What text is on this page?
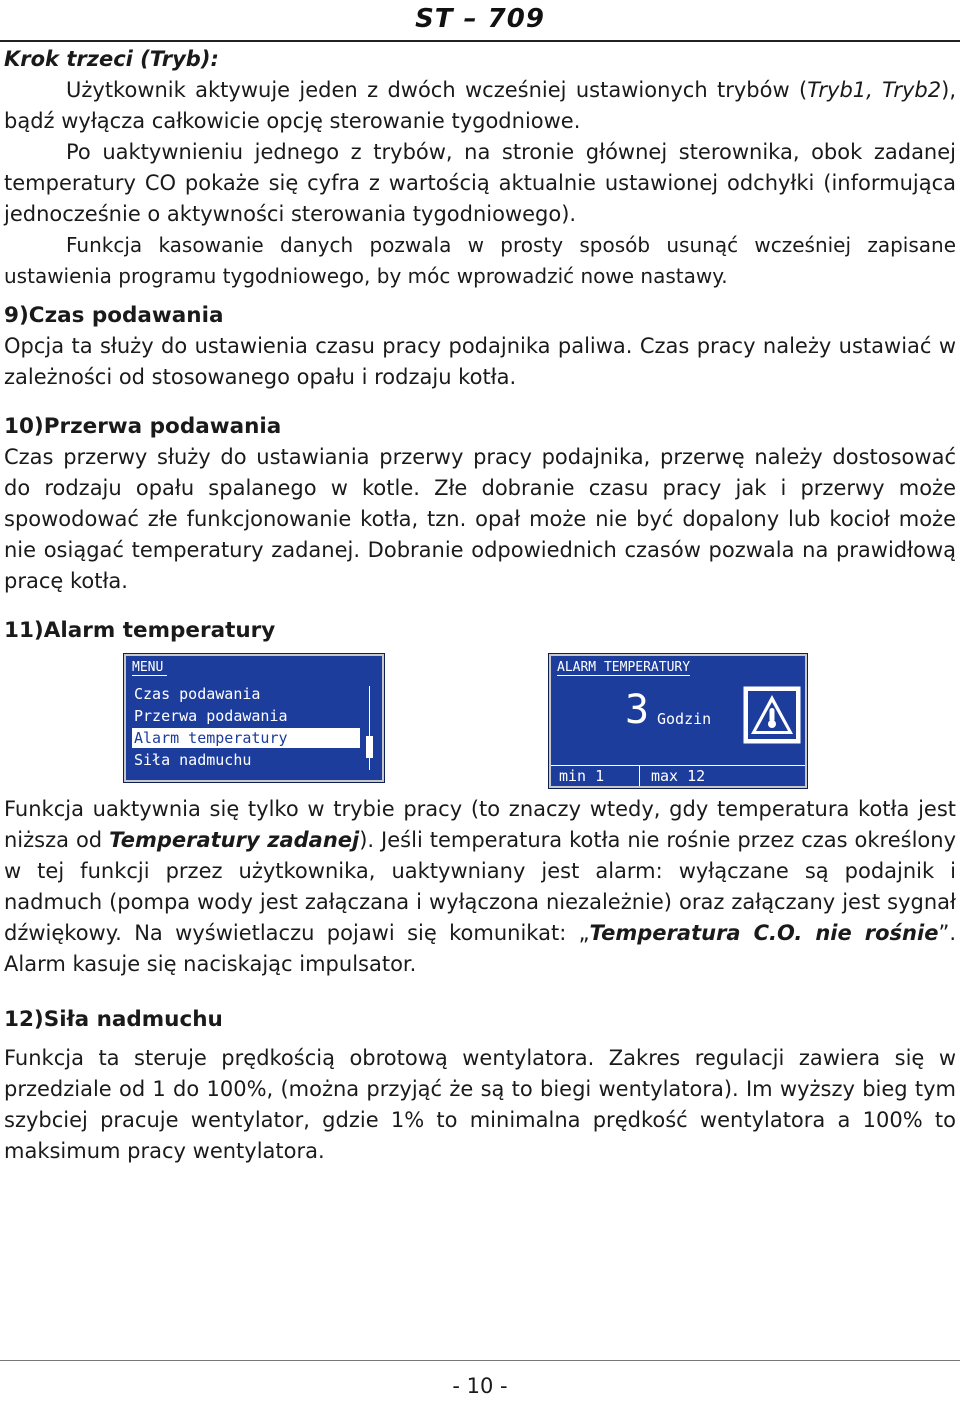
ST – 709
Krok trzeci (Tryb):

Użytkownik aktywuje jeden z dwóch wcześniej ustawionych trybów (Tryb1, Tryb2), bądź wyłącza całkowicie opcję sterowanie tygodniowe.

Po uaktywnieniu jednego z trybów, na stronie głównej sterownika, obok zadanej temperatury CO pokaże się cyfra z wartością aktualnie ustawionej odchyłki (informująca jednocześnie o aktywności sterowania tygodniowego).

Funkcja kasowanie danych pozwala w prosty sposób usunąć wcześniej zapisane ustawienia programu tygodniowego, by móc wprowadzić nowe nastawy.

9)Czas podawania

Opcja ta służy do ustawienia czasu pracy podajnika paliwa. Czas pracy należy ustawiać w zależności od stosowanego opału i rodzaju kotła.

10)Przerwa podawania

Czas przerwy służy do ustawiania przerwy pracy podajnika, przerwę należy dostosować do rodzaju opału spalanego w kotle. Złe dobranie czasu pracy jak i przerwy może spowodować złe funkcjonowanie kotła, tzn. opał może nie być dopalony lub kocioł może nie osiągać temperatury zadanej. Dobranie odpowiednich czasów pozwala na prawidłową pracę kotła.

11)Alarm temperatury
MENU
Czas podawania
Przerwa podawania
Alarm temperatury
Siła nadmuchu
ALARM TEMPERATURY
3 Godzin
min 1	max 12

Funkcja uaktywnia się tylko w trybie pracy (to znaczy wtedy, gdy temperatura kotła jest niższa od Temperatury zadanej). Jeśli temperatura kotła nie rośnie przez czas określony w tej funkcji przez użytkownika, uaktywniany jest alarm: wyłączane są podajnik i nadmuch (pompa wody jest załączana i wyłączona niezależnie) oraz załączany jest sygnał dźwiękowy. Na wyświetlaczu pojawi się komunikat: „Temperatura C.O. nie rośnie”. Alarm kasuje się naciskając impulsator.

12)Siła nadmuchu

Funkcja ta steruje prędkością obrotową wentylatora. Zakres regulacji zawiera się w przedziale od 1 do 100%, (można przyjąć że są to biegi wentylatora). Im wyższy bieg tym szybciej pracuje wentylator, gdzie 1% to minimalna prędkość wentylatora a 100% to maksimum pracy wentylatora.

- 10 -
